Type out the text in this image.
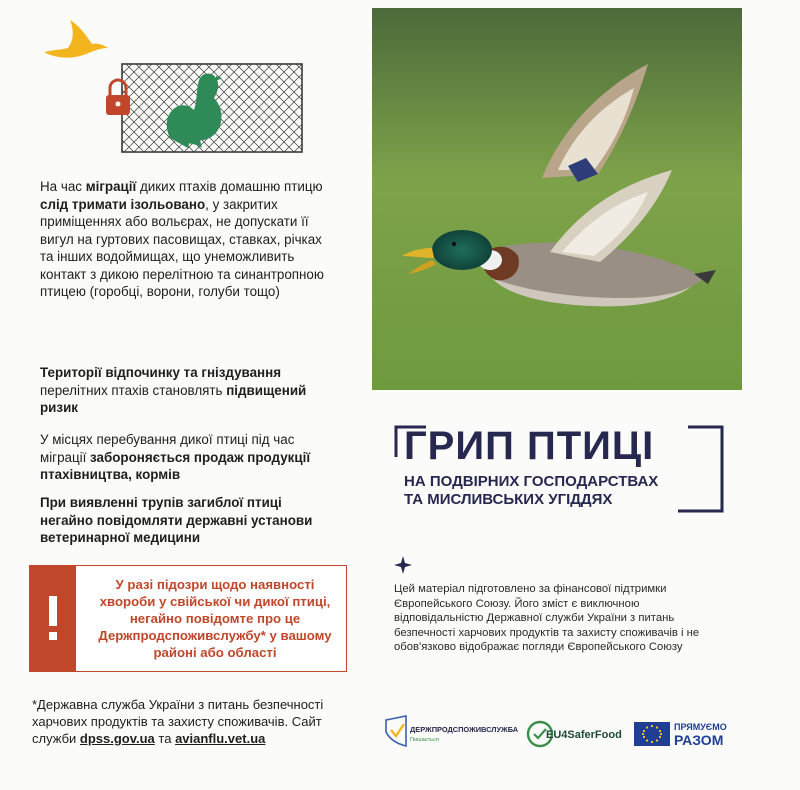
На час міграції диких птахів домашню птицю слід тримати ізольовано, у закритих приміщеннях або вольєрах, не допускати її вигул на гуртових пасовищах, ставках, річках та інших водоймищах, що унеможливить контакт з дикою перелітною та синантропною птицею (горобці, ворони, голуби тощо)

Території відпочинку та гніздування перелітних птахів становлять підвищений ризик

У місцях перебування дикої птиці під час міграції забороняється продаж продукції птахівництва, кормів

При виявленні трупів загиблої птиці негайно повідомляти державні установи ветеринарної медицини

У разі підозри щодо наявності хвороби у свійської чи дикої птиці, негайно повідомте про це Держпродспоживслужбу* у вашому районі або області

*Державна служба України з питань безпечності харчових продуктів та захисту споживачів. Сайт служби dpss.gov.ua та avianflu.vet.ua

ГРИП ПТИЦІ

НА ПОДВІРНИХ ГОСПОДАРСТВАХ
ТА МИСЛИВСЬКИХ УГІДДЯХ

Цей матеріал підготовлено за фінансової підтримки Європейського Союзу. Його зміст є виключною відповідальністю Державної служби України з питань безпечності харчових продуктів та захисту споживачів і не обов'язково відображає погляди Європейського Союзу

ДЕРЖПРОДСПОЖИВСЛУЖБА
Пишається	EU4SaferFood
ПРЯМУЄМО
РАЗОМ
